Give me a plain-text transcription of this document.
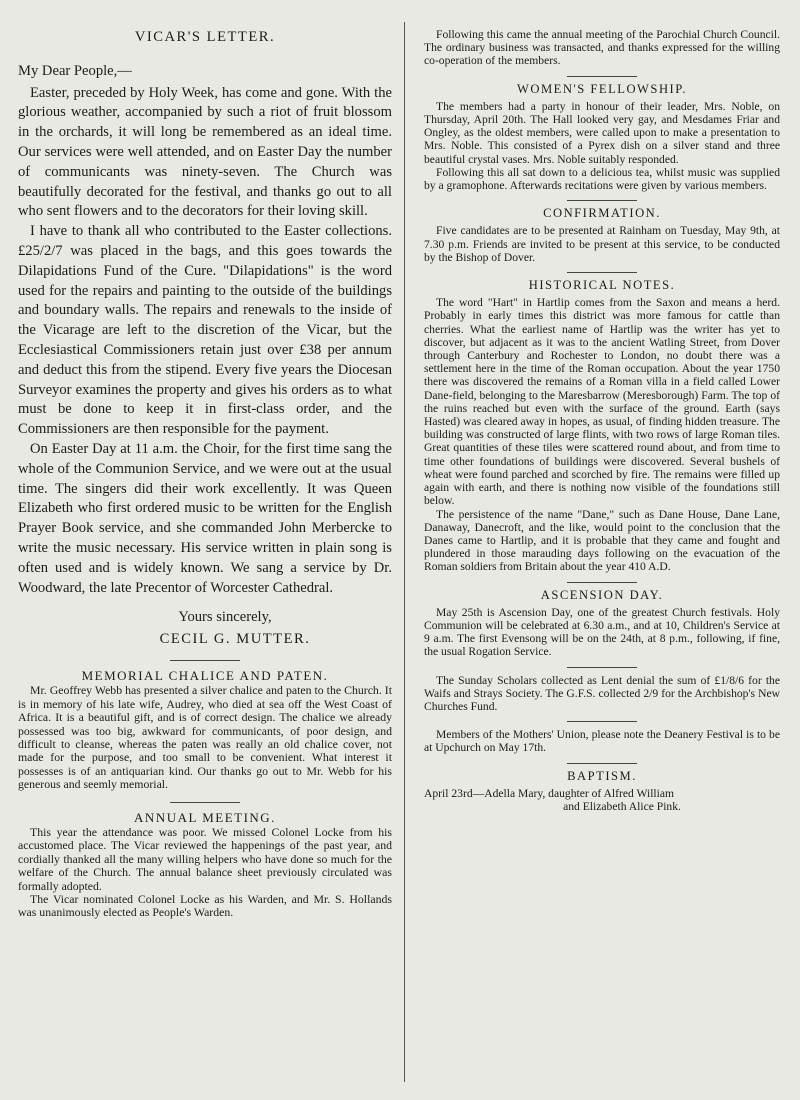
VICAR'S LETTER.

My Dear People,—

Easter, preceded by Holy Week, has come and gone. With the glorious weather, accompanied by such a riot of fruit blossom in the orchards, it will long be remembered as an ideal time. Our services were well attended, and on Easter Day the number of communicants was ninety-seven. The Church was beautifully decorated for the festival, and thanks go out to all who sent flowers and to the decorators for their loving skill.

I have to thank all who contributed to the Easter collections. £25/2/7 was placed in the bags, and this goes towards the Dilapidations Fund of the Cure. "Dilapidations" is the word used for the repairs and painting to the outside of the buildings and boundary walls. The repairs and renewals to the inside of the Vicarage are left to the discretion of the Vicar, but the Ecclesiastical Commissioners retain just over £38 per annum and deduct this from the stipend. Every five years the Diocesan Surveyor examines the property and gives his orders as to what must be done to keep it in first-class order, and the Commissioners are then responsible for the payment.

On Easter Day at 11 a.m. the Choir, for the first time sang the whole of the Communion Service, and we were out at the usual time. The singers did their work excellently. It was Queen Elizabeth who first ordered music to be written for the English Prayer Book service, and she commanded John Merbercke to write the music necessary. His service written in plain song is often used and is widely known. We sang a service by Dr. Woodward, the late Precentor of Worcester Cathedral.

Yours sincerely,

CECIL G. MUTTER.

MEMORIAL CHALICE AND PATEN.

Mr. Geoffrey Webb has presented a silver chalice and paten to the Church. It is in memory of his late wife, Audrey, who died at sea off the West Coast of Africa. It is a beautiful gift, and is of correct design. The chalice we already possessed was too big, awkward for communicants, of poor design, and difficult to cleanse, whereas the paten was really an old chalice cover, not made for the purpose, and too small to be convenient. What interest it possesses is of an antiquarian kind. Our thanks go out to Mr. Webb for his generous and seemly memorial.

ANNUAL MEETING.

This year the attendance was poor. We missed Colonel Locke from his accustomed place. The Vicar reviewed the happenings of the past year, and cordially thanked all the many willing helpers who have done so much for the welfare of the Church. The annual balance sheet previously circulated was formally adopted.

The Vicar nominated Colonel Locke as his Warden, and Mr. S. Hollands was unanimously elected as People's Warden.

Following this came the annual meeting of the Parochial Church Council. The ordinary business was transacted, and thanks expressed for the willing co-operation of the members.

WOMEN'S FELLOWSHIP.

The members had a party in honour of their leader, Mrs. Noble, on Thursday, April 20th. The Hall looked very gay, and Mesdames Friar and Ongley, as the oldest members, were called upon to make a presentation to Mrs. Noble. This consisted of a Pyrex dish on a silver stand and three beautiful crystal vases. Mrs. Noble suitably responded.

Following this all sat down to a delicious tea, whilst music was supplied by a gramophone. Afterwards recitations were given by various members.

CONFIRMATION.

Five candidates are to be presented at Rainham on Tuesday, May 9th, at 7.30 p.m. Friends are invited to be present at this service, to be conducted by the Bishop of Dover.

HISTORICAL NOTES.

The word "Hart" in Hartlip comes from the Saxon and means a herd. Probably in early times this district was more famous for cattle than cherries. What the earliest name of Hartlip was the writer has yet to discover, but adjacent as it was to the ancient Watling Street, from Dover through Canterbury and Rochester to London, no doubt there was a settlement here in the time of the Roman occupation. About the year 1750 there was discovered the remains of a Roman villa in a field called Lower Dane-field, belonging to the Maresbarrow (Meresborough) Farm. The top of the ruins reached but even with the surface of the ground. Earth (says Hasted) was cleared away in hopes, as usual, of finding hidden treasure. The building was constructed of large flints, with two rows of large Roman tiles. Great quantities of these tiles were scattered round about, and from time to time other foundations of buildings were discovered. Several bushels of wheat were found parched and scorched by fire. The remains were filled up again with earth, and there is nothing now visible of the foundations still below.

The persistence of the name "Dane," such as Dane House, Dane Lane, Danaway, Danecroft, and the like, would point to the conclusion that the Danes came to Hartlip, and it is probable that they came and fought and plundered in those marauding days following on the evacuation of the Roman soldiers from Britain about the year 410 A.D.

ASCENSION DAY.

May 25th is Ascension Day, one of the greatest Church festivals. Holy Communion will be celebrated at 6.30 a.m., and at 10, Children's Service at 9 a.m. The first Evensong will be on the 24th, at 8 p.m., following, if fine, the usual Rogation Service.

The Sunday Scholars collected as Lent denial the sum of £1/8/6 for the Waifs and Strays Society. The G.F.S. collected 2/9 for the Archbishop's New Churches Fund.

Members of the Mothers' Union, please note the Deanery Festival is to be at Upchurch on May 17th.

BAPTISM.

April 23rd—Adella Mary, daughter of Alfred William

and Elizabeth Alice Pink.
